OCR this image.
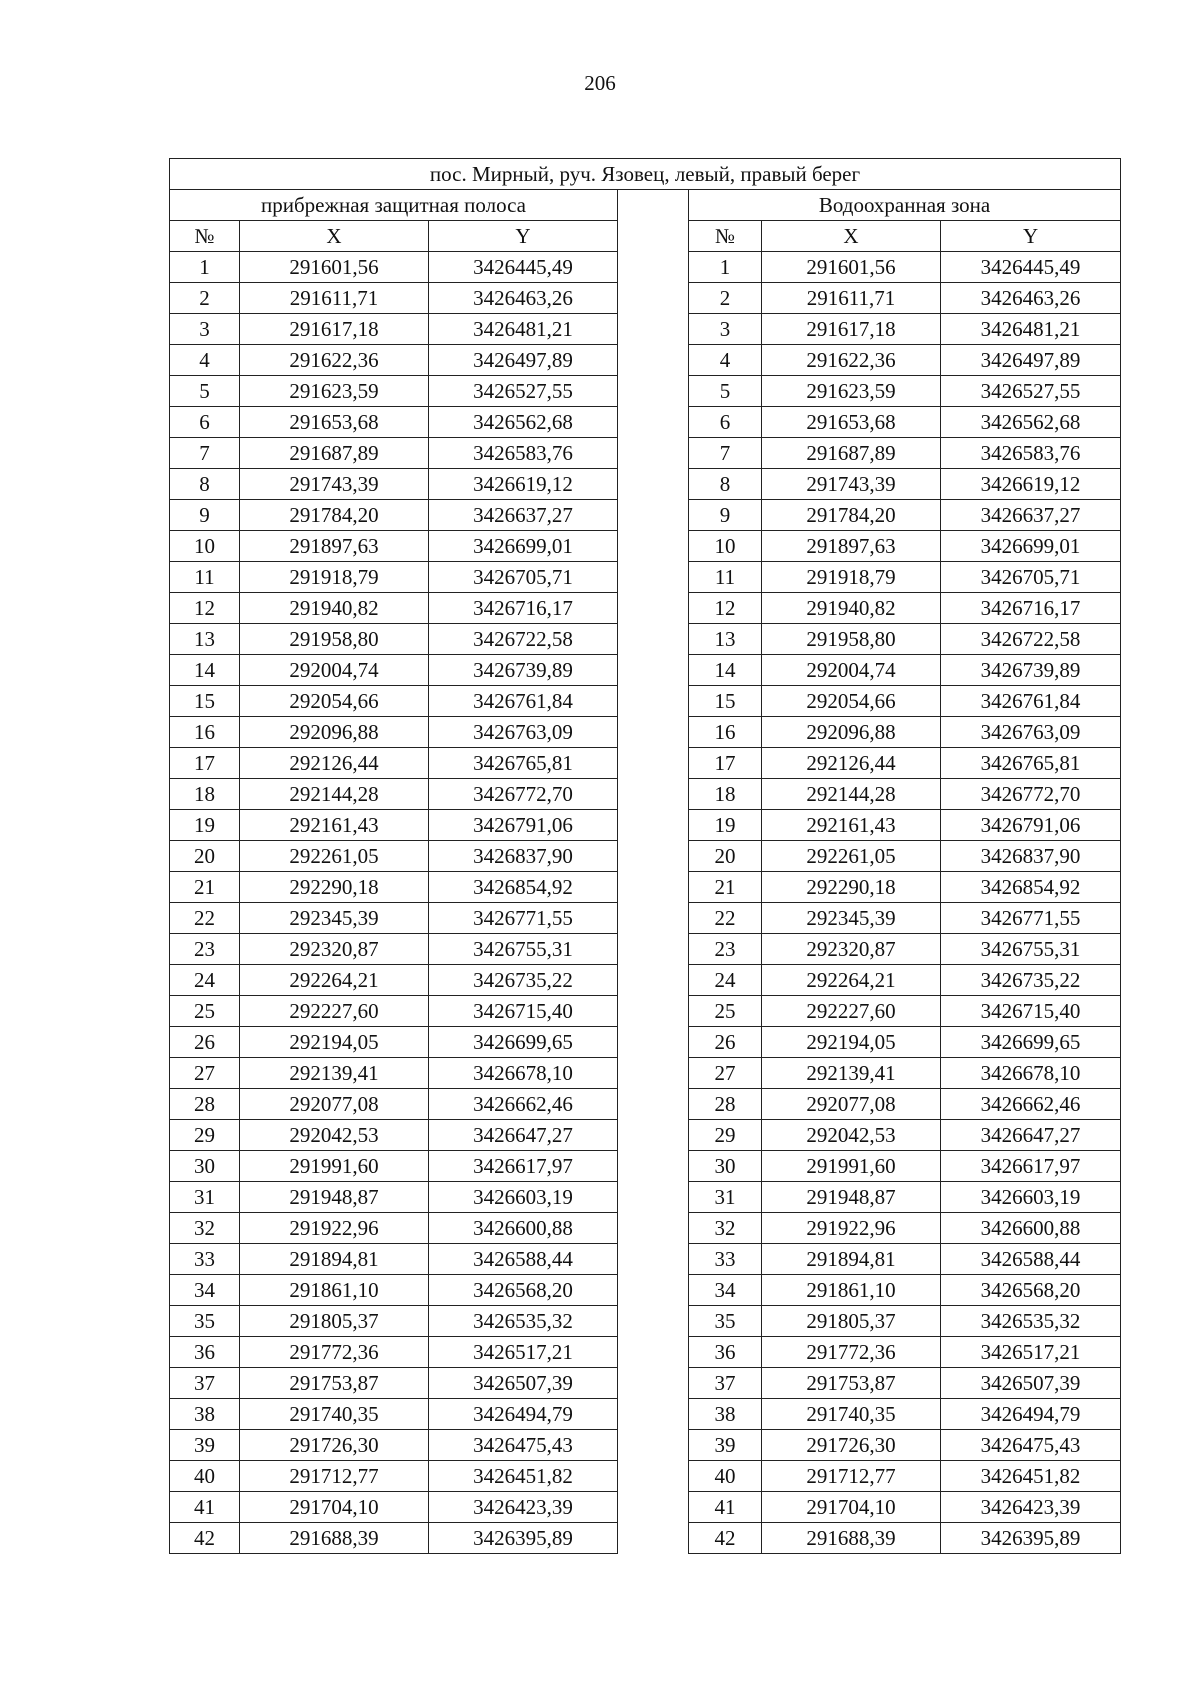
206
пос. Мирный, руч. Язовец, левый, правый берег						
прибрежная защитная полоса				Водоохранная зона		
№	X	Y		№	X	Y
1	291601,56	3426445,49		1	291601,56	3426445,49
2	291611,71	3426463,26		2	291611,71	3426463,26
3	291617,18	3426481,21		3	291617,18	3426481,21
4	291622,36	3426497,89		4	291622,36	3426497,89
5	291623,59	3426527,55		5	291623,59	3426527,55
6	291653,68	3426562,68		6	291653,68	3426562,68
7	291687,89	3426583,76		7	291687,89	3426583,76
8	291743,39	3426619,12		8	291743,39	3426619,12
9	291784,20	3426637,27		9	291784,20	3426637,27
10	291897,63	3426699,01		10	291897,63	3426699,01
11	291918,79	3426705,71		11	291918,79	3426705,71
12	291940,82	3426716,17		12	291940,82	3426716,17
13	291958,80	3426722,58		13	291958,80	3426722,58
14	292004,74	3426739,89		14	292004,74	3426739,89
15	292054,66	3426761,84		15	292054,66	3426761,84
16	292096,88	3426763,09		16	292096,88	3426763,09
17	292126,44	3426765,81		17	292126,44	3426765,81
18	292144,28	3426772,70		18	292144,28	3426772,70
19	292161,43	3426791,06		19	292161,43	3426791,06
20	292261,05	3426837,90		20	292261,05	3426837,90
21	292290,18	3426854,92		21	292290,18	3426854,92
22	292345,39	3426771,55		22	292345,39	3426771,55
23	292320,87	3426755,31		23	292320,87	3426755,31
24	292264,21	3426735,22		24	292264,21	3426735,22
25	292227,60	3426715,40		25	292227,60	3426715,40
26	292194,05	3426699,65		26	292194,05	3426699,65
27	292139,41	3426678,10		27	292139,41	3426678,10
28	292077,08	3426662,46		28	292077,08	3426662,46
29	292042,53	3426647,27		29	292042,53	3426647,27
30	291991,60	3426617,97		30	291991,60	3426617,97
31	291948,87	3426603,19		31	291948,87	3426603,19
32	291922,96	3426600,88		32	291922,96	3426600,88
33	291894,81	3426588,44		33	291894,81	3426588,44
34	291861,10	3426568,20		34	291861,10	3426568,20
35	291805,37	3426535,32		35	291805,37	3426535,32
36	291772,36	3426517,21		36	291772,36	3426517,21
37	291753,87	3426507,39		37	291753,87	3426507,39
38	291740,35	3426494,79		38	291740,35	3426494,79
39	291726,30	3426475,43		39	291726,30	3426475,43
40	291712,77	3426451,82		40	291712,77	3426451,82
41	291704,10	3426423,39		41	291704,10	3426423,39
42	291688,39	3426395,89		42	291688,39	3426395,89
